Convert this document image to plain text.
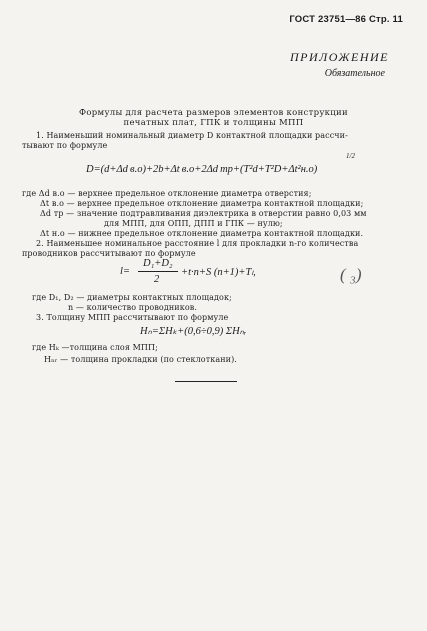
ГОСТ 23751—86 Стр. 11
ПРИЛОЖЕНИЕ
Обязательное
Формулы для расчета размеров элементов конструкции
печатных плат, ГПК и толщины МПП
1. Наименьший номинальный диаметр D контактной площадки рассчи-
тывают по формуле
D=(d+Δd в.о)+2b+Δt в.о+2Δd тр+(T²d+T²D+Δt²н.о)
1/2
где Δd в.о — верхнее предельное отклонение диаметра отверстия;
Δt в.о — верхнее предельное отклонение диаметра контактной площадки;
Δd тр — значение подтравливания диэлектрика в отверстии равно 0,03 мм
для МПП, для ОПП, ДПП и ГПК — нулю;
Δt н.о — нижнее предельное отклонение диаметра контактной площадки.
2. Наименьшее номинальное расстояние l для прокладки n-го количества
проводников рассчитывают по формуле
l=
D₁+D₂
2
+t·n+S (n+1)+Tₗ,	( ₃)
где D₁, D₂ — диаметры контактных площадок;
n — количество проводников.
3. Толщину МПП рассчитывают по формуле
Hₙ=ΣHₖ+(0,6÷0,9) ΣHₙᵣ
где Hₖ —толщина слоя МПП;
Hₙᵣ — толщина прокладки (по стеклоткани).
